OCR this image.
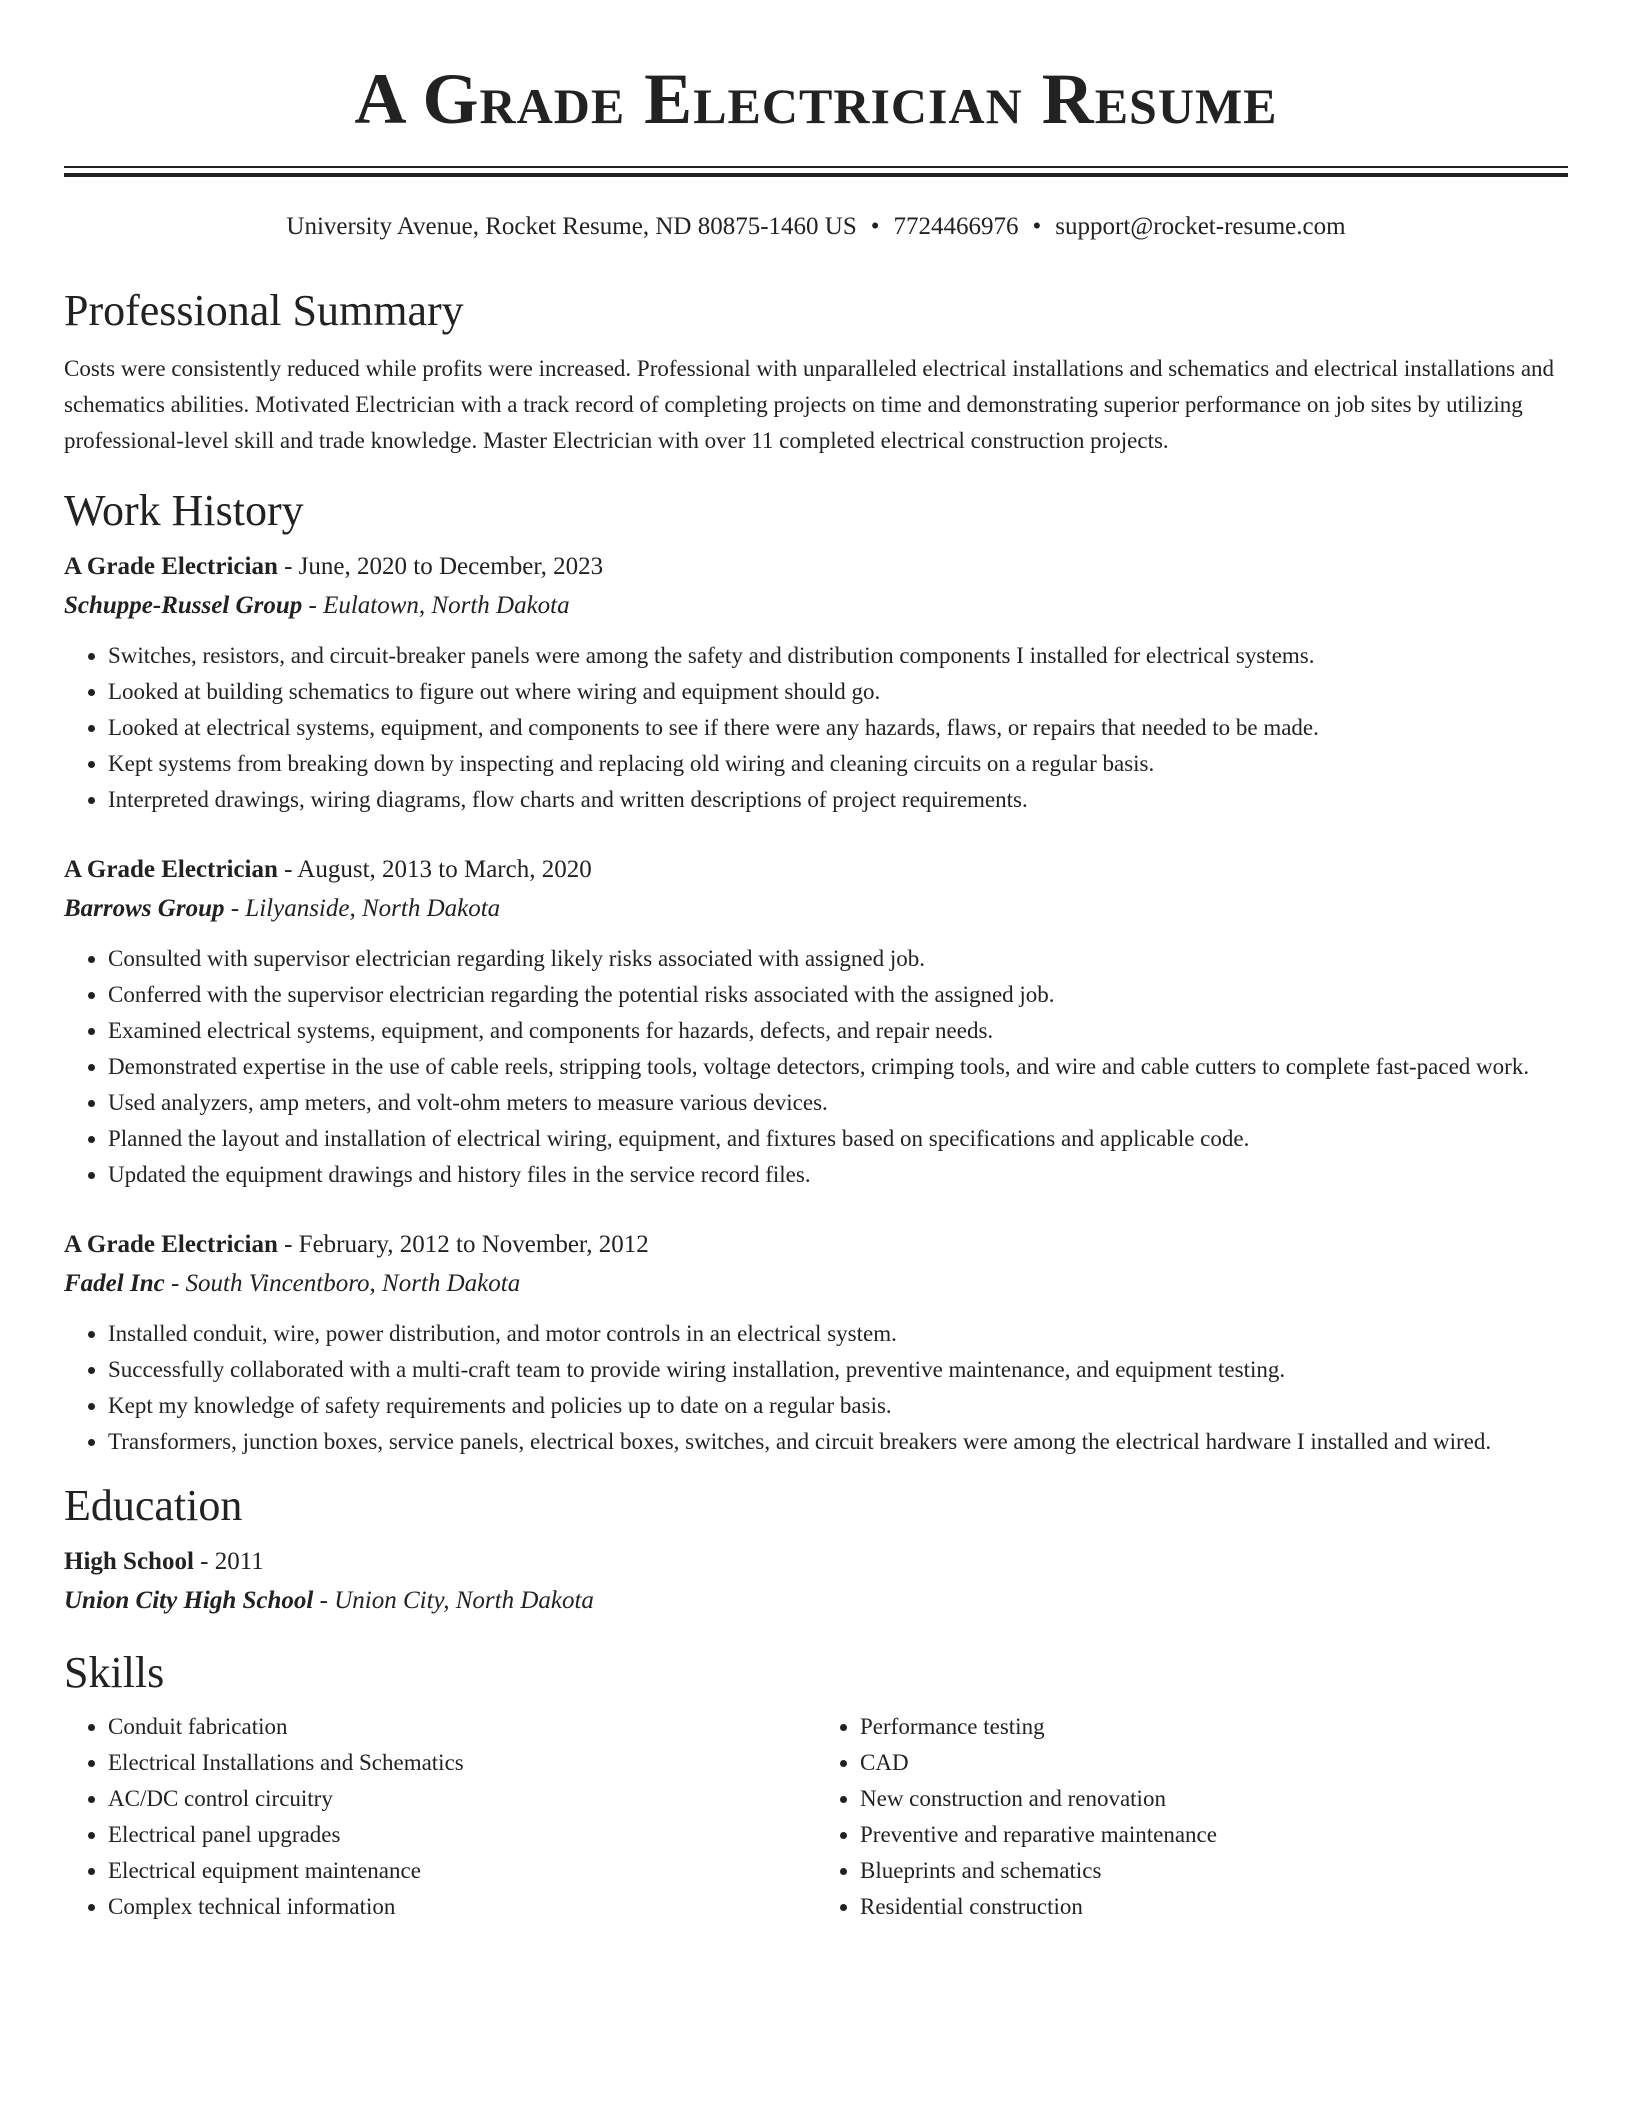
A Grade Electrician Resume
University Avenue, Rocket Resume, ND 80875-1460 US • 7724466976 • support@rocket-resume.com
Professional Summary

Costs were consistently reduced while profits were increased. Professional with unparalleled electrical installations and schematics and electrical installations and schematics abilities. Motivated Electrician with a track record of completing projects on time and demonstrating superior performance on job sites by utilizing professional-level skill and trade knowledge. Master Electrician with over 11 completed electrical construction projects.

Work History
A Grade Electrician - June, 2020 to December, 2023
Schuppe-Russel Group - Eulatown, North Dakota
• Switches, resistors, and circuit-breaker panels were among the safety and distribution components I installed for electrical systems.
• Looked at building schematics to figure out where wiring and equipment should go.
• Looked at electrical systems, equipment, and components to see if there were any hazards, flaws, or repairs that needed to be made.
• Kept systems from breaking down by inspecting and replacing old wiring and cleaning circuits on a regular basis.
• Interpreted drawings, wiring diagrams, flow charts and written descriptions of project requirements.
A Grade Electrician - August, 2013 to March, 2020
Barrows Group - Lilyanside, North Dakota
• Consulted with supervisor electrician regarding likely risks associated with assigned job.
• Conferred with the supervisor electrician regarding the potential risks associated with the assigned job.
• Examined electrical systems, equipment, and components for hazards, defects, and repair needs.
• Demonstrated expertise in the use of cable reels, stripping tools, voltage detectors, crimping tools, and wire and cable cutters to complete fast-paced work.
• Used analyzers, amp meters, and volt-ohm meters to measure various devices.
• Planned the layout and installation of electrical wiring, equipment, and fixtures based on specifications and applicable code.
• Updated the equipment drawings and history files in the service record files.
A Grade Electrician - February, 2012 to November, 2012
Fadel Inc - South Vincentboro, North Dakota
• Installed conduit, wire, power distribution, and motor controls in an electrical system.
• Successfully collaborated with a multi-craft team to provide wiring installation, preventive maintenance, and equipment testing.
• Kept my knowledge of safety requirements and policies up to date on a regular basis.
• Transformers, junction boxes, service panels, electrical boxes, switches, and circuit breakers were among the electrical hardware I installed and wired.
Education
High School - 2011
Union City High School - Union City, North Dakota
Skills
• Conduit fabrication
• Electrical Installations and Schematics
• AC/DC control circuitry
• Electrical panel upgrades
• Electrical equipment maintenance
• Complex technical information
• Performance testing
• CAD
• New construction and renovation
• Preventive and reparative maintenance
• Blueprints and schematics
• Residential construction
